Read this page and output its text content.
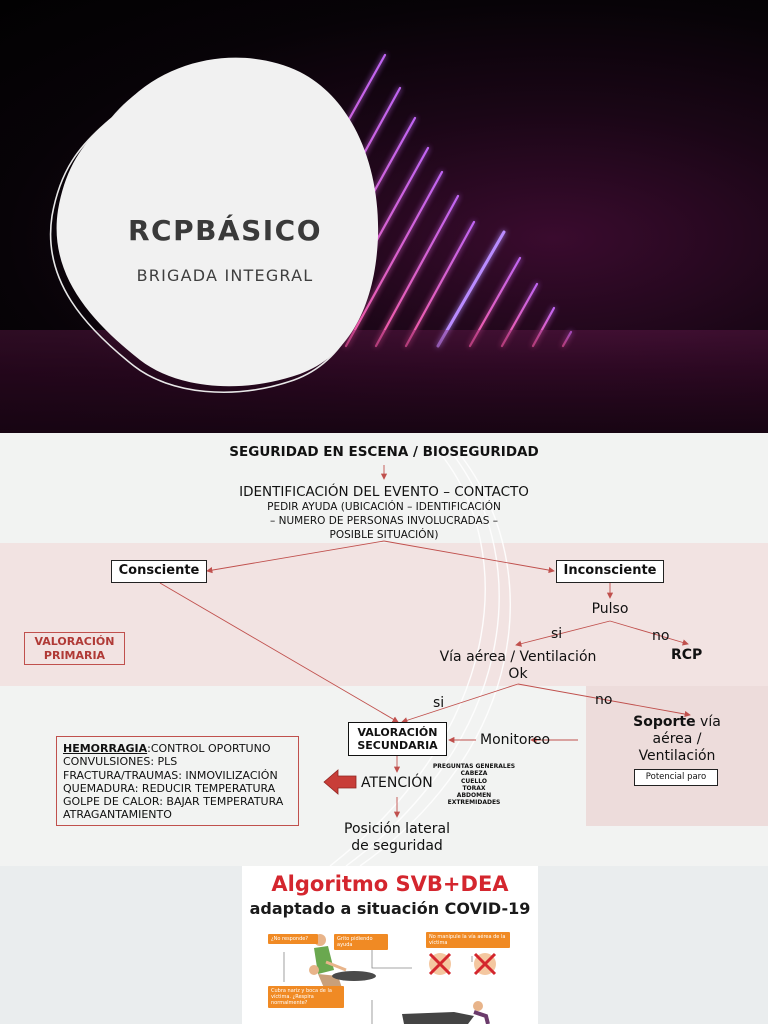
RCPBÁSICO
BRIGADA INTEGRAL
SEGURIDAD EN ESCENA / BIOSEGURIDAD
IDENTIFICACIÓN DEL EVENTO – CONTACTO
PEDIR AYUDA (UBICACIÓN – IDENTIFICACIÓN
– NUMERO DE PERSONAS INVOLUCRADAS –
POSIBLE SITUACIÓN)
Consciente	Inconsciente
VALORACIÓN
PRIMARIA
Pulso
si	no
Vía aérea / Ventilación
Ok
RCP
si	no
VALORACIÓN
SECUNDARIA	Monitoreo
Soporte vía
aérea /
Ventilación
Potencial paro
ATENCIÓN
PREGUNTAS GENERALES
CABEZA
CUELLO
TORAX
ABDOMEN
EXTREMIDADES
Posición lateral
de seguridad
HEMORRAGIA:CONTROL OPORTUNO
CONVULSIONES: PLS
FRACTURA/TRAUMAS: INMOVILIZACIÓN
QUEMADURA: REDUCIR TEMPERATURA
GOLPE DE CALOR: BAJAR TEMPERATURA
ATRAGANTAMIENTO
Algoritmo SVB+DEA
adaptado a situación COVID-19
¿No responde?	Grito pidiendo ayuda
No manipule la vía aérea de la víctima
Cubra nariz y boca de la víctima. ¿Respira normalmente?
